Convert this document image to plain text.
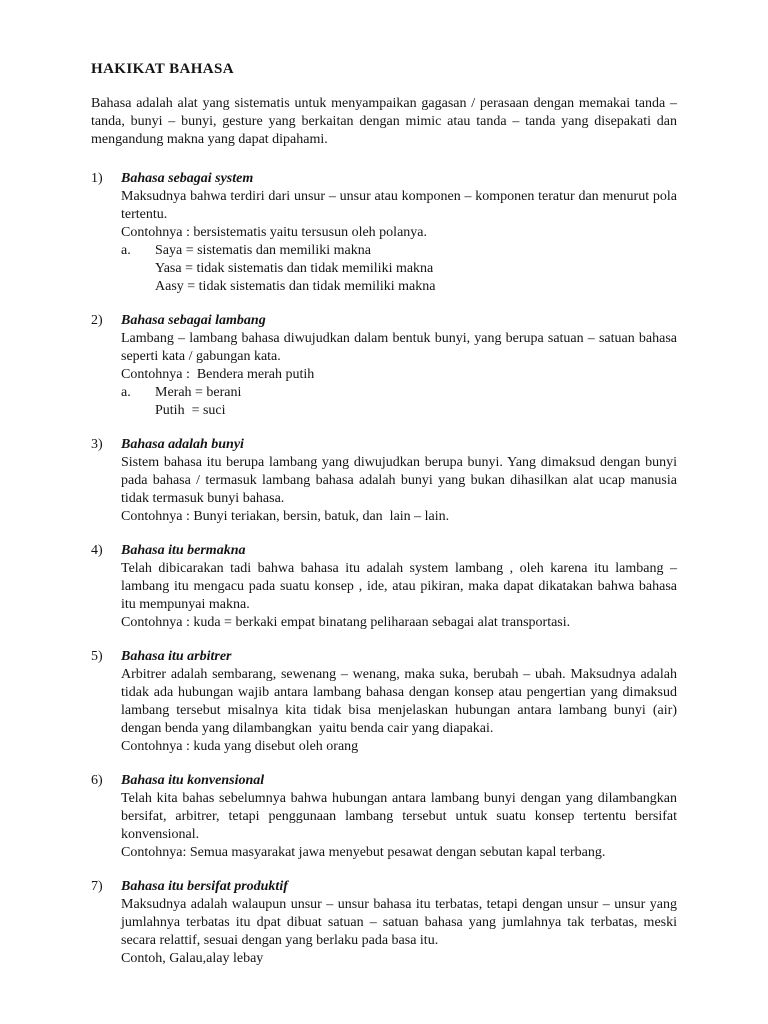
HAKIKAT BAHASA

Bahasa adalah alat yang sistematis untuk menyampaikan gagasan / perasaan dengan memakai tanda – tanda, bunyi – bunyi, gesture yang berkaitan dengan mimic atau tanda – tanda yang disepakati dan mengandung makna yang dapat dipahami.

1)	Bahasa sebagai system
Maksudnya bahwa terdiri dari unsur – unsur atau komponen – komponen teratur dan menurut pola tertentu.
Contohnya : bersistematis yaitu tersusun oleh polanya.
a.	Saya = sistematis dan memiliki makna
Yasa = tidak sistematis dan tidak memiliki makna
Aasy = tidak sistematis dan tidak memiliki makna
2)	Bahasa sebagai lambang
Lambang – lambang bahasa diwujudkan dalam bentuk bunyi, yang berupa satuan – satuan bahasa seperti kata / gabungan kata.
Contohnya :  Bendera merah putih
a.	Merah = berani
Putih  = suci
3)	Bahasa adalah bunyi
Sistem bahasa itu berupa lambang yang diwujudkan berupa bunyi. Yang dimaksud dengan bunyi pada bahasa / termasuk lambang bahasa adalah bunyi yang bukan dihasilkan alat ucap manusia tidak termasuk bunyi bahasa.
Contohnya : Bunyi teriakan, bersin, batuk, dan  lain – lain.
4)	Bahasa itu bermakna
Telah dibicarakan tadi bahwa bahasa itu adalah system lambang , oleh karena itu lambang – lambang itu mengacu pada suatu konsep , ide, atau pikiran, maka dapat dikatakan bahwa bahasa itu mempunyai makna.
Contohnya : kuda = berkaki empat binatang peliharaan sebagai alat transportasi.
5)	Bahasa itu arbitrer
Arbitrer adalah sembarang, sewenang – wenang, maka suka, berubah – ubah. Maksudnya adalah tidak ada hubungan wajib antara lambang bahasa dengan konsep atau pengertian yang dimaksud lambang tersebut misalnya kita tidak bisa menjelaskan hubungan antara lambang bunyi (air) dengan benda yang dilambangkan  yaitu benda cair yang diapakai.
Contohnya : kuda yang disebut oleh orang
6)	Bahasa itu konvensional
Telah kita bahas sebelumnya bahwa hubungan antara lambang bunyi dengan yang dilambangkan bersifat, arbitrer, tetapi penggunaan lambang tersebut untuk suatu konsep tertentu bersifat konvensional.
Contohnya: Semua masyarakat jawa menyebut pesawat dengan sebutan kapal terbang.
7)	Bahasa itu bersifat produktif
Maksudnya adalah walaupun unsur – unsur bahasa itu terbatas, tetapi dengan unsur – unsur yang jumlahnya terbatas itu dpat dibuat satuan – satuan bahasa yang jumlahnya tak terbatas, meski secara relattif, sesuai dengan yang berlaku pada basa itu.
Contoh, Galau,alay lebay
